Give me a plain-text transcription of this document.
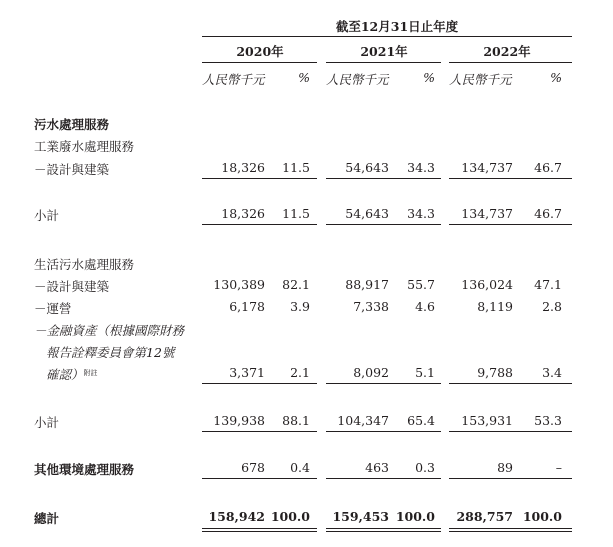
截至12月31日止年度
2020年	2021年	2022年
人民幣千元	% 人民幣千元	% 人民幣千元	%
污水處理服務
工業廢水處理服務
－設計與建築	18,326 11.5	54,643 34.3 134,737 46.7
小計	18,326 11.5	54,643 34.3 134,737 46.7
生活污水處理服務
－設計與建築	130,389 82.1	88,917 55.7 136,024 47.1
－運營	6,178 3.9	7,338 4.6	8,119 2.8
－金融資產（根據國際財務
報告詮釋委員會第12號
確認）$^{附註}$	3,371 2.1	8,092 5.1	9,788 3.4
小計	139,938 88.1 104,347 65.4 153,931 53.3
其他環境處理服務	678 0.4	463 0.3	89	–
總計	158,942 100.0 159,453 100.0 288,757 100.0
